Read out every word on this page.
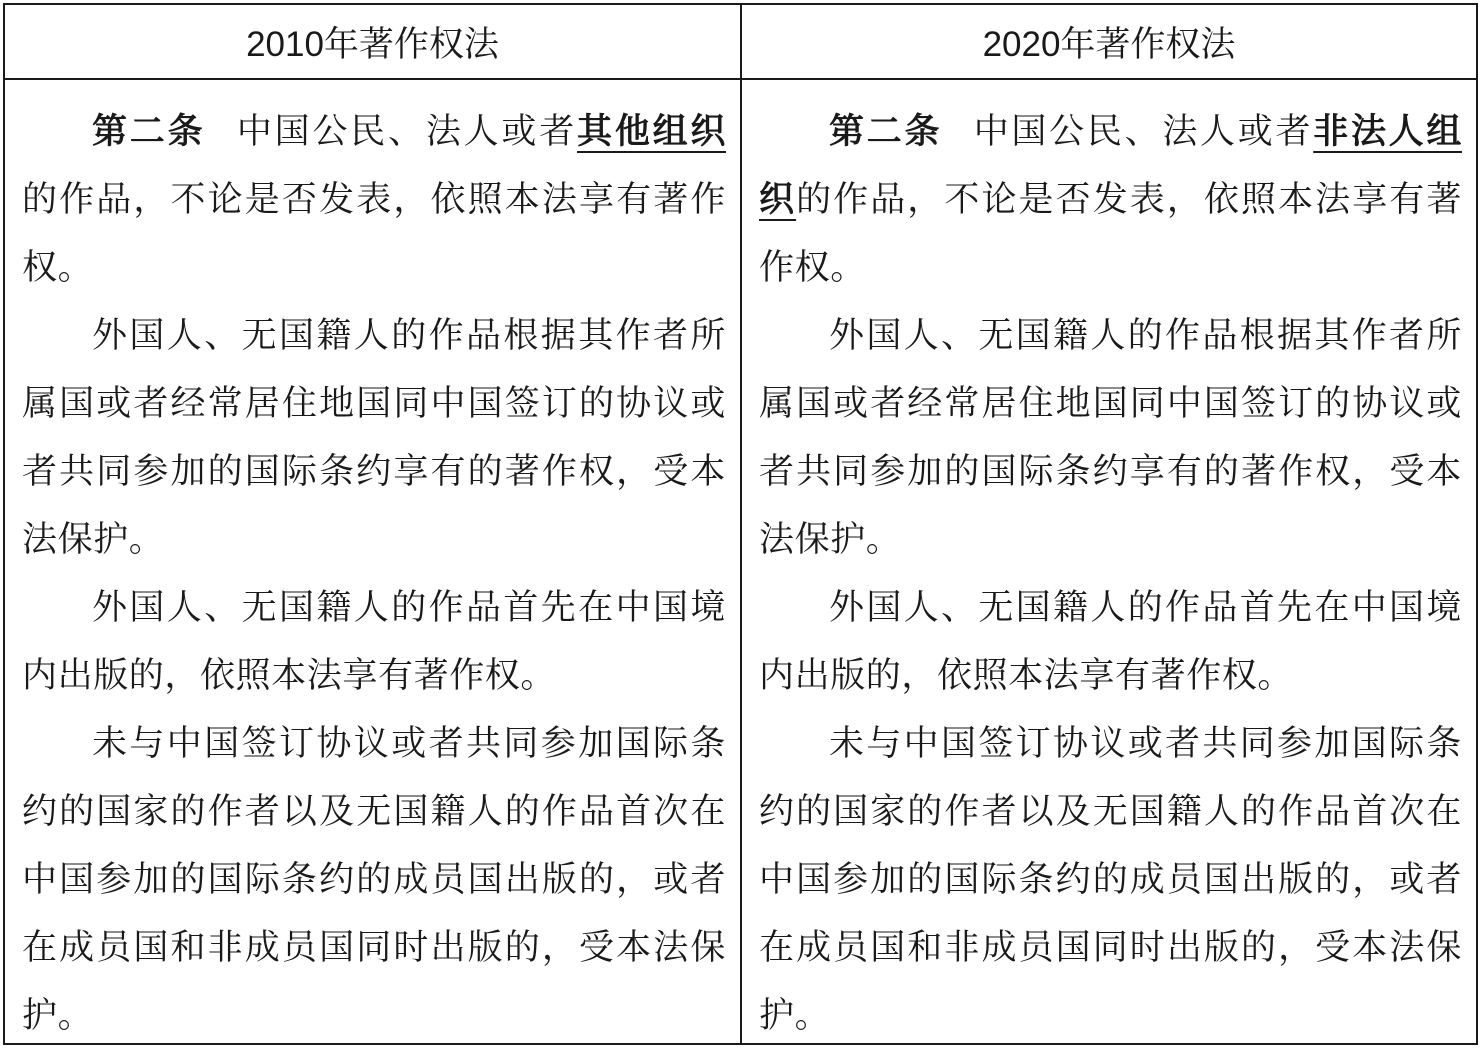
2010年著作权法	2020年著作权法

第二条 中国公民、法人或者其他组织的作品，不论是否发表，依照本法享有著作权。

外国人、无国籍人的作品根据其作者所属国或者经常居住地国同中国签订的协议或者共同参加的国际条约享有的著作权，受本法保护。

外国人、无国籍人的作品首先在中国境内出版的，依照本法享有著作权。

未与中国签订协议或者共同参加国际条约的国家的作者以及无国籍人的作品首次在中国参加的国际条约的成员国出版的，或者在成员国和非成员国同时出版的，受本法保护。

第二条 中国公民、法人或者非法人组织的作品，不论是否发表，依照本法享有著作权。

外国人、无国籍人的作品根据其作者所属国或者经常居住地国同中国签订的协议或者共同参加的国际条约享有的著作权，受本法保护。

外国人、无国籍人的作品首先在中国境内出版的，依照本法享有著作权。

未与中国签订协议或者共同参加国际条约的国家的作者以及无国籍人的作品首次在中国参加的国际条约的成员国出版的，或者在成员国和非成员国同时出版的，受本法保护。
